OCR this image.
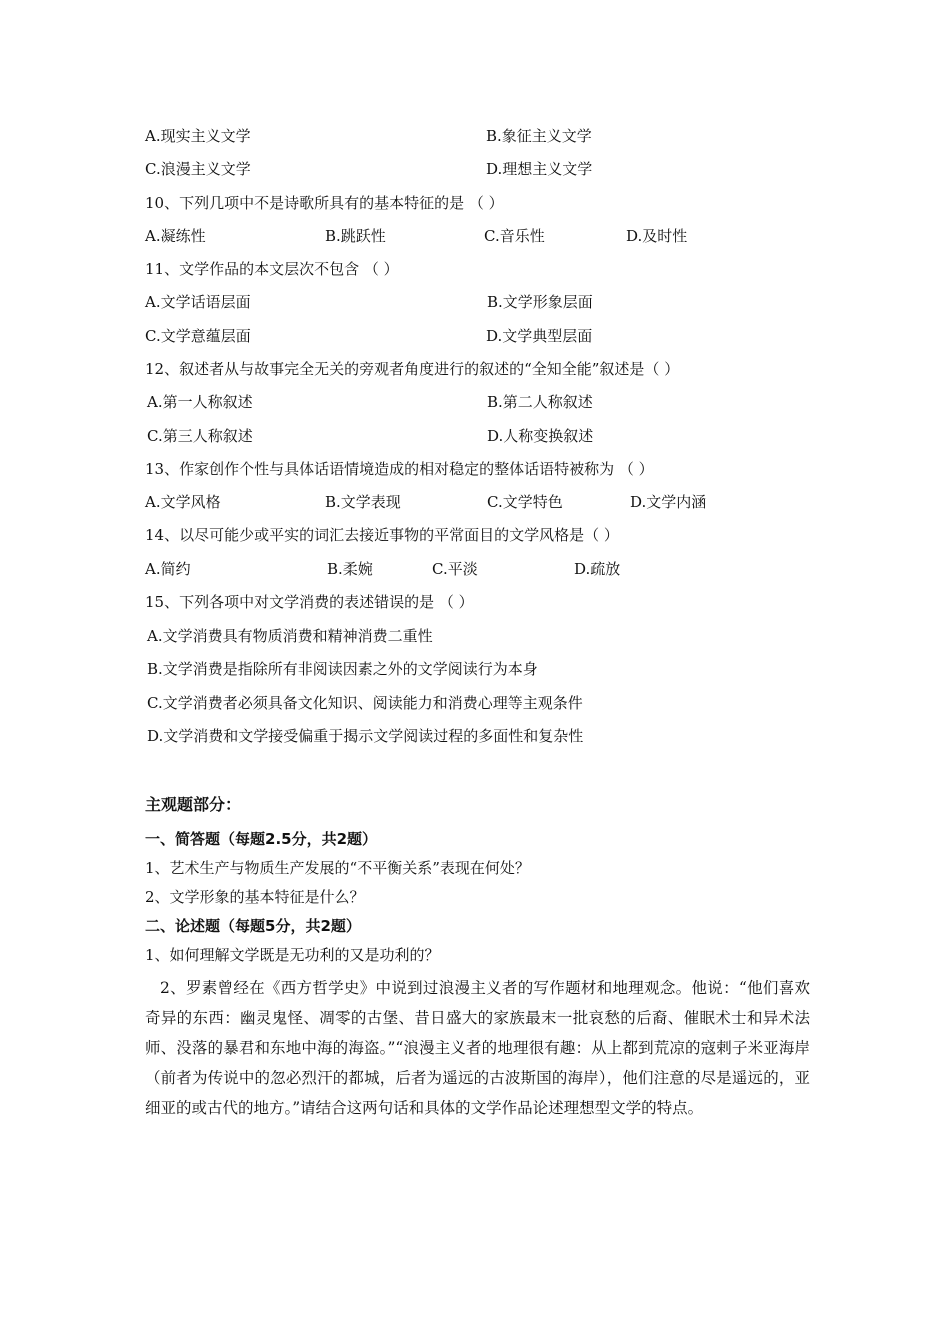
A.现实主义文学	B.象征主义文学
C.浪漫主义文学	D.理想主义文学
10、下列几项中不是诗歌所具有的基本特征的是 （ ）
A.凝练性	B.跳跃性	C.音乐性	D.及时性
11、文学作品的本文层次不包含 （ ）
A.文学话语层面	B.文学形象层面
C.文学意蕴层面	D.文学典型层面
12、叙述者从与故事完全无关的旁观者角度进行的叙述的“全知全能”叙述是（ ）
A.第一人称叙述	B.第二人称叙述
C.第三人称叙述	D.人称变换叙述
13、作家创作个性与具体话语情境造成的相对稳定的整体话语特被称为 （ ）
A.文学风格	B.文学表现	C.文学特色	D.文学内涵
14、以尽可能少或平实的词汇去接近事物的平常面目的文学风格是（ ）
A.简约	B.柔婉	C.平淡	D.疏放
15、下列各项中对文学消费的表述错误的是 （ ）
A.文学消费具有物质消费和精神消费二重性
B.文学消费是指除所有非阅读因素之外的文学阅读行为本身
C.文学消费者必须具备文化知识、阅读能力和消费心理等主观条件
D.文学消费和文学接受偏重于揭示文学阅读过程的多面性和复杂性
主观题部分：
一、简答题（每题2.5分，共2题）
1、艺术生产与物质生产发展的“不平衡关系”表现在何处？
2、文学形象的基本特征是什么？
二、论述题（每题5分，共2题）
1、如何理解文学既是无功利的又是功利的？
2、罗素曾经在《西方哲学史》中说到过浪漫主义者的写作题材和地理观念。他说：“他们喜欢奇异的东西：幽灵鬼怪、凋零的古堡、昔日盛大的家族最末一批哀愁的后裔、催眠术士和异术法师、没落的暴君和东地中海的海盗。”“浪漫主义者的地理很有趣：从上都到荒凉的寇剌子米亚海岸（前者为传说中的忽必烈汗的都城，后者为遥远的古波斯国的海岸），他们注意的尽是遥远的，亚细亚的或古代的地方。”请结合这两句话和具体的文学作品论述理想型文学的特点。
